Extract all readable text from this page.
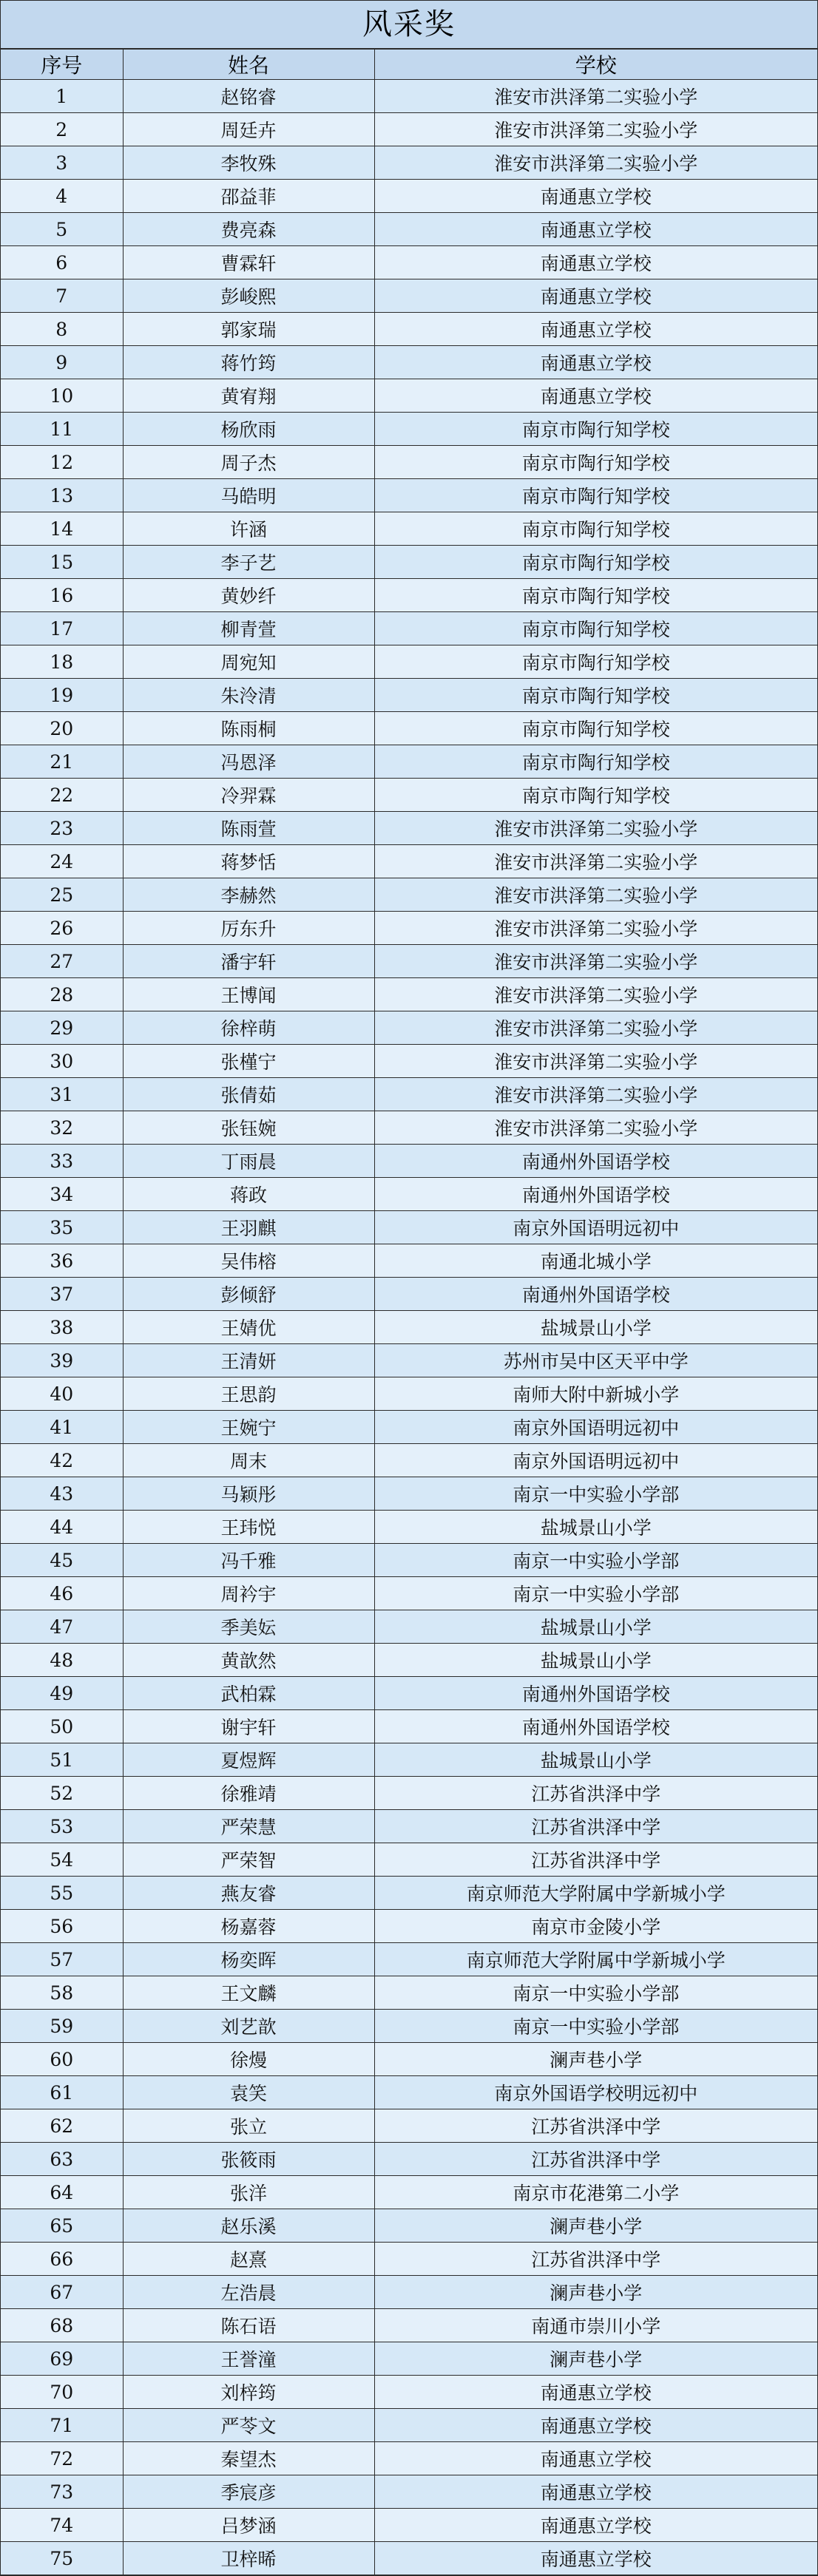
风采奖
序号	姓名	学校
1	赵铭睿	淮安市洪泽第二实验小学
2	周廷卉	淮安市洪泽第二实验小学
3	李牧殊	淮安市洪泽第二实验小学
4	邵益菲	南通惠立学校
5	费亮森	南通惠立学校
6	曹霖轩	南通惠立学校
7	彭峻熙	南通惠立学校
8	郭家瑞	南通惠立学校
9	蒋竹筠	南通惠立学校
10	黄宥翔	南通惠立学校
11	杨欣雨	南京市陶行知学校
12	周子杰	南京市陶行知学校
13	马皓明	南京市陶行知学校
14	许涵	南京市陶行知学校
15	李子艺	南京市陶行知学校
16	黄妙纤	南京市陶行知学校
17	柳青萱	南京市陶行知学校
18	周宛知	南京市陶行知学校
19	朱泠清	南京市陶行知学校
20	陈雨桐	南京市陶行知学校
21	冯恩泽	南京市陶行知学校
22	冷羿霖	南京市陶行知学校
23	陈雨萱	淮安市洪泽第二实验小学
24	蒋梦恬	淮安市洪泽第二实验小学
25	李赫然	淮安市洪泽第二实验小学
26	厉东升	淮安市洪泽第二实验小学
27	潘宇轩	淮安市洪泽第二实验小学
28	王博闻	淮安市洪泽第二实验小学
29	徐梓萌	淮安市洪泽第二实验小学
30	张槿宁	淮安市洪泽第二实验小学
31	张倩茹	淮安市洪泽第二实验小学
32	张钰婉	淮安市洪泽第二实验小学
33	丁雨晨	南通州外国语学校
34	蒋政	南通州外国语学校
35	王羽麒	南京外国语明远初中
36	吴伟榕	南通北城小学
37	彭倾舒	南通州外国语学校
38	王婧优	盐城景山小学
39	王清妍	苏州市吴中区天平中学
40	王思韵	南师大附中新城小学
41	王婉宁	南京外国语明远初中
42	周末	南京外国语明远初中
43	马颖彤	南京一中实验小学部
44	王玮悦	盐城景山小学
45	冯千雅	南京一中实验小学部
46	周衿宇	南京一中实验小学部
47	季美妘	盐城景山小学
48	黄歆然	盐城景山小学
49	武柏霖	南通州外国语学校
50	谢宇轩	南通州外国语学校
51	夏煜辉	盐城景山小学
52	徐雅靖	江苏省洪泽中学
53	严荣慧	江苏省洪泽中学
54	严荣智	江苏省洪泽中学
55	燕友睿	南京师范大学附属中学新城小学
56	杨嘉蓉	南京市金陵小学
57	杨奕晖	南京师范大学附属中学新城小学
58	王文麟	南京一中实验小学部
59	刘艺歆	南京一中实验小学部
60	徐熳	澜声巷小学
61	袁笑	南京外国语学校明远初中
62	张立	江苏省洪泽中学
63	张筱雨	江苏省洪泽中学
64	张洋	南京市花港第二小学
65	赵乐溪	澜声巷小学
66	赵熹	江苏省洪泽中学
67	左浩晨	澜声巷小学
68	陈石语	南通市崇川小学
69	王誉潼	澜声巷小学
70	刘梓筠	南通惠立学校
71	严苓文	南通惠立学校
72	秦望杰	南通惠立学校
73	季宸彦	南通惠立学校
74	吕梦涵	南通惠立学校
75	卫梓晞	南通惠立学校
